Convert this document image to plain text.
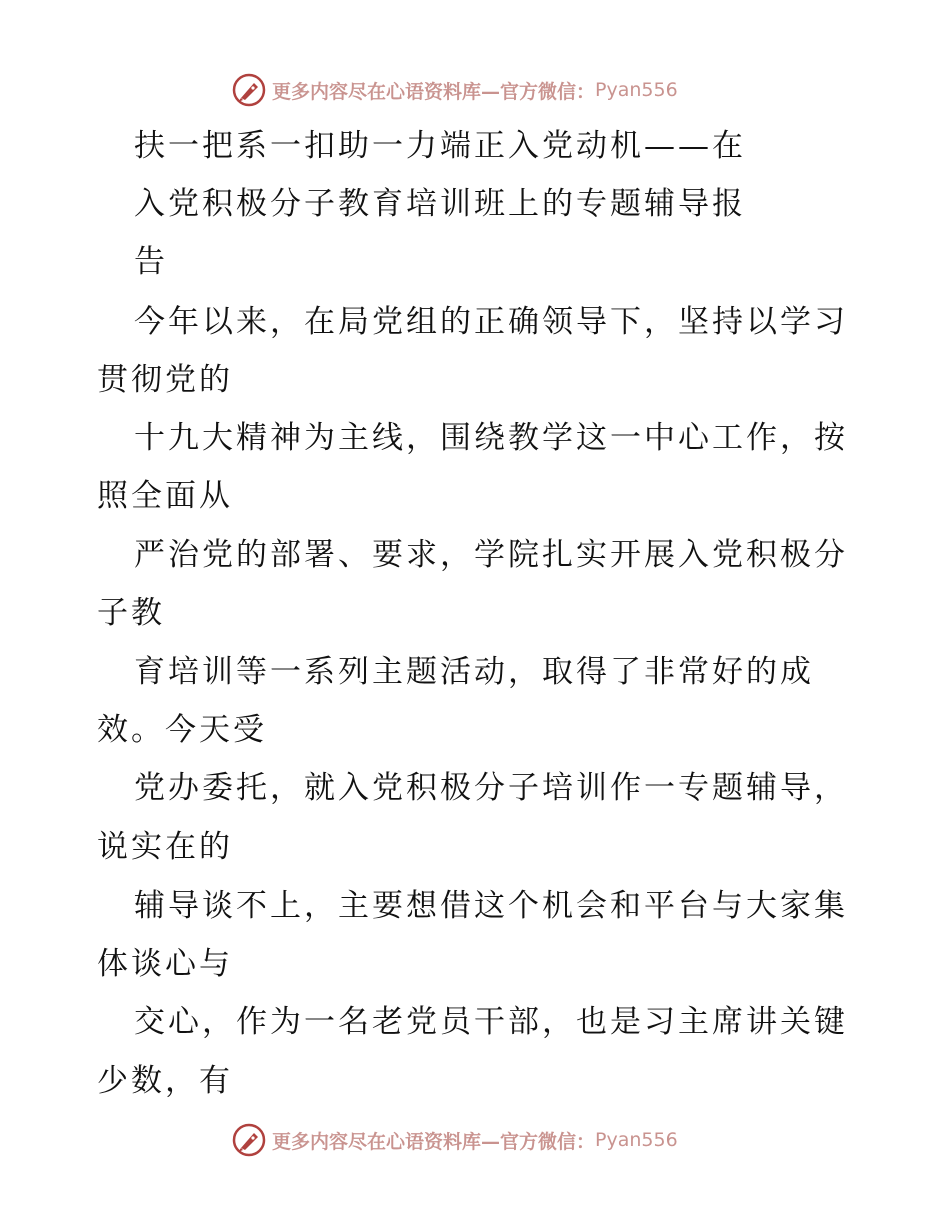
更多内容尽在心语资料库—官方微信： Pyan556
扶一把系一扣助一力端正入党动机——在
入党积极分子教育培训班上的专题辅导报
告
今年以来，在局党组的正确领导下，坚持以学习
贯彻党的
十九大精神为主线，围绕教学这一中心工作，按
照全面从
严治党的部署、要求，学院扎实开展入党积极分
子教
育培训等一系列主题活动，取得了非常好的成
效。今天受
党办委托，就入党积极分子培训作一专题辅导，
说实在的
辅导谈不上，主要想借这个机会和平台与大家集
体谈心与
交心，作为一名老党员干部，也是习主席讲关键
少数，有
更多内容尽在心语资料库—官方微信： Pyan556
